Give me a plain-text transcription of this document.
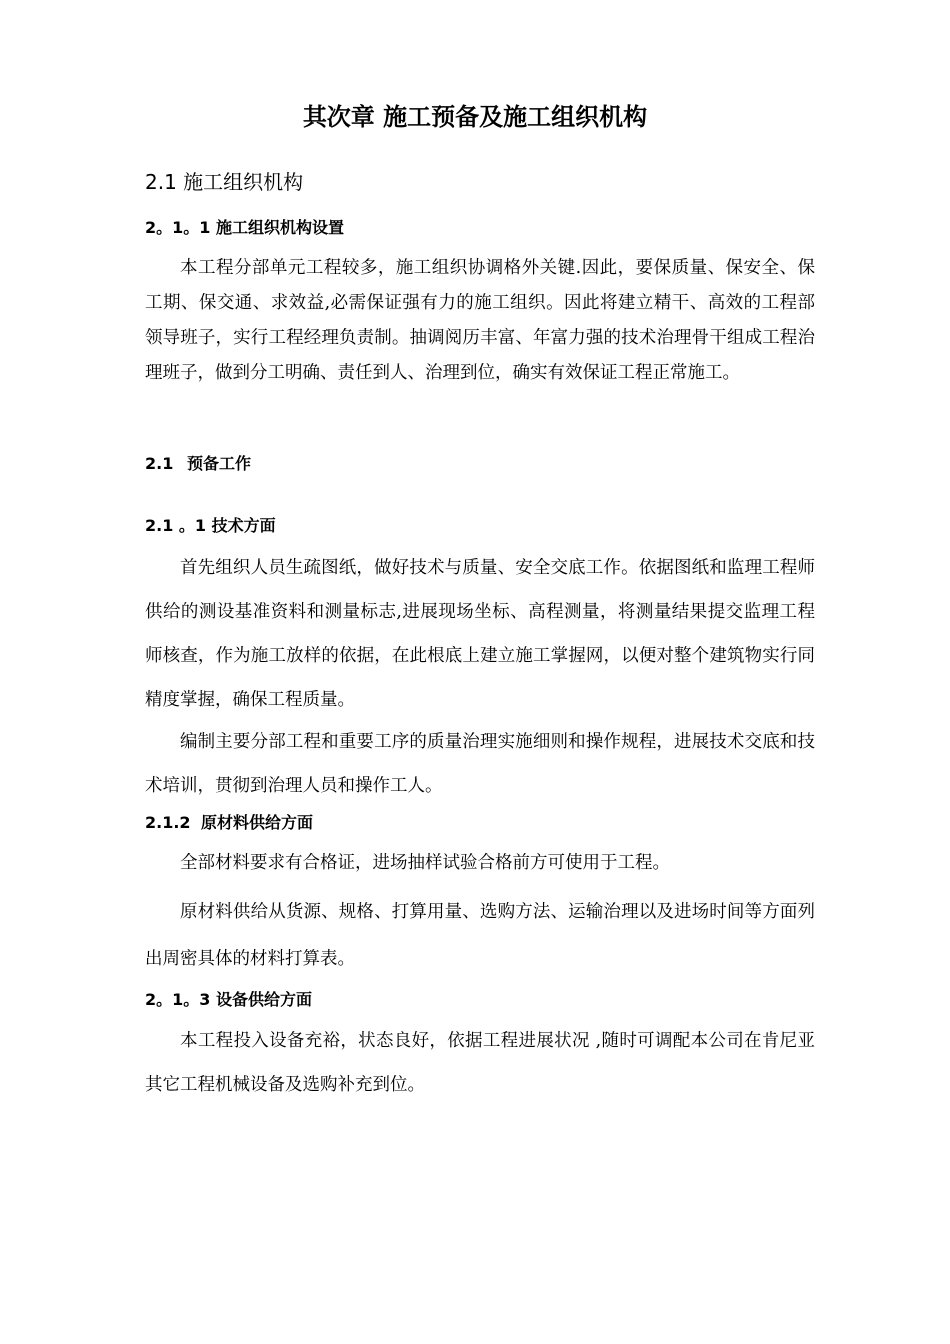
其次章 施工预备及施工组织机构
2.1 施工组织机构
2。1。1 施工组织机构设置

本工程分部单元工程较多，施工组织协调格外关键.因此，要保质量、保安全、保工期、保交通、求效益,必需保证强有力的施工组织。因此将建立精干、高效的工程部领导班子，实行工程经理负责制。抽调阅历丰富、年富力强的技术治理骨干组成工程治理班子，做到分工明确、责任到人、治理到位，确实有效保证工程正常施工。

2.1 预备工作
2.1 。1 技术方面

首先组织人员生疏图纸，做好技术与质量、安全交底工作。依据图纸和监理工程师供给的测设基准资料和测量标志,进展现场坐标、高程测量，将测量结果提交监理工程师核查，作为施工放样的依据，在此根底上建立施工掌握网，以便对整个建筑物实行同精度掌握，确保工程质量。

编制主要分部工程和重要工序的质量治理实施细则和操作规程，进展技术交底和技术培训，贯彻到治理人员和操作工人。

2.1.2 原材料供给方面

全部材料要求有合格证，进场抽样试验合格前方可使用于工程。

原材料供给从货源、规格、打算用量、选购方法、运输治理以及进场时间等方面列出周密具体的材料打算表。

2。1。3 设备供给方面

本工程投入设备充裕，状态良好，依据工程进展状况 ,随时可调配本公司在肯尼亚其它工程机械设备及选购补充到位。
